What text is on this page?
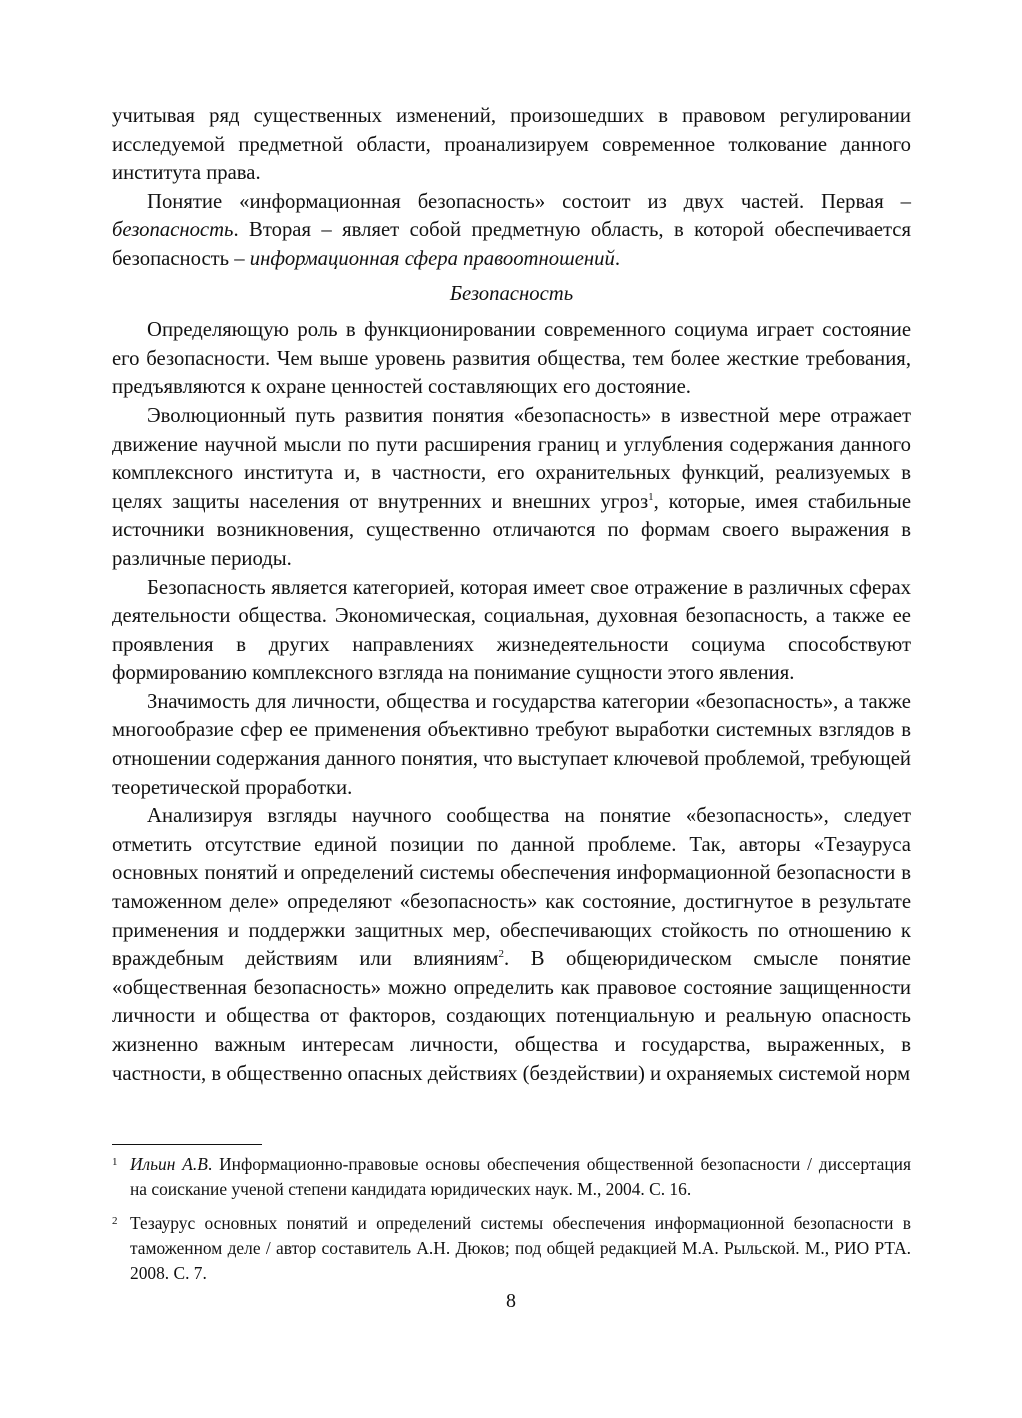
учитывая ряд существенных изменений, произошедших в правовом регулировании исследуемой предметной области, проанализируем современное толкование данного института права.

Понятие «информационная безопасность» состоит из двух частей. Первая – безопасность. Вторая – являет собой предметную область, в которой обеспечивается безопасность – информационная сфера правоотношений.

Безопасность

Определяющую роль в функционировании современного социума играет состояние его безопасности. Чем выше уровень развития общества, тем более жесткие требования, предъявляются к охране ценностей составляющих его достояние.

Эволюционный путь развития понятия «безопасность» в известной мере отражает движение научной мысли по пути расширения границ и углубления содержания данного комплексного института и, в частности, его охранительных функций, реализуемых в целях защиты населения от внутренних и внешних угроз$^1$, которые, имея стабильные источники возникновения, существенно отличаются по формам своего выражения в различные периоды.

Безопасность является категорией, которая имеет свое отражение в различных сферах деятельности общества. Экономическая, социальная, духовная безопасность, а также ее проявления в других направлениях жизнедеятельности социума способствуют формированию комплексного взгляда на понимание сущности этого явления.

Значимость для личности, общества и государства категории «безопасность», а также многообразие сфер ее применения объективно требуют выработки системных взглядов в отношении содержания данного понятия, что выступает ключевой проблемой, требующей теоретической проработки.

Анализируя взгляды научного сообщества на понятие «безопасность», следует отметить отсутствие единой позиции по данной проблеме. Так, авторы «Тезауруса основных понятий и определений системы обеспечения информационной безопасности в таможенном деле» определяют «безопасность» как состояние, достигнутое в результате применения и поддержки защитных мер, обеспечивающих стойкость по отношению к враждебным действиям или влияниям$^2$. В общеюридическом смысле понятие «общественная безопасность» можно определить как правовое состояние защищенности личности и общества от факторов, создающих потенциальную и реальную опасность жизненно важным интересам личности, общества и государства, выраженных, в частности, в общественно опасных действиях (бездействии) и охраняемых системой норм

1 Ильин А.В. Информационно-правовые основы обеспечения общественной безопасности / диссертация на соискание ученой степени кандидата юридических наук. М., 2004. С. 16.

2 Тезаурус основных понятий и определений системы обеспечения информационной безопасности в таможенном деле / автор составитель А.Н. Дюков; под общей редакцией М.А. Рыльской. М., РИО РТА. 2008. С. 7.

8
